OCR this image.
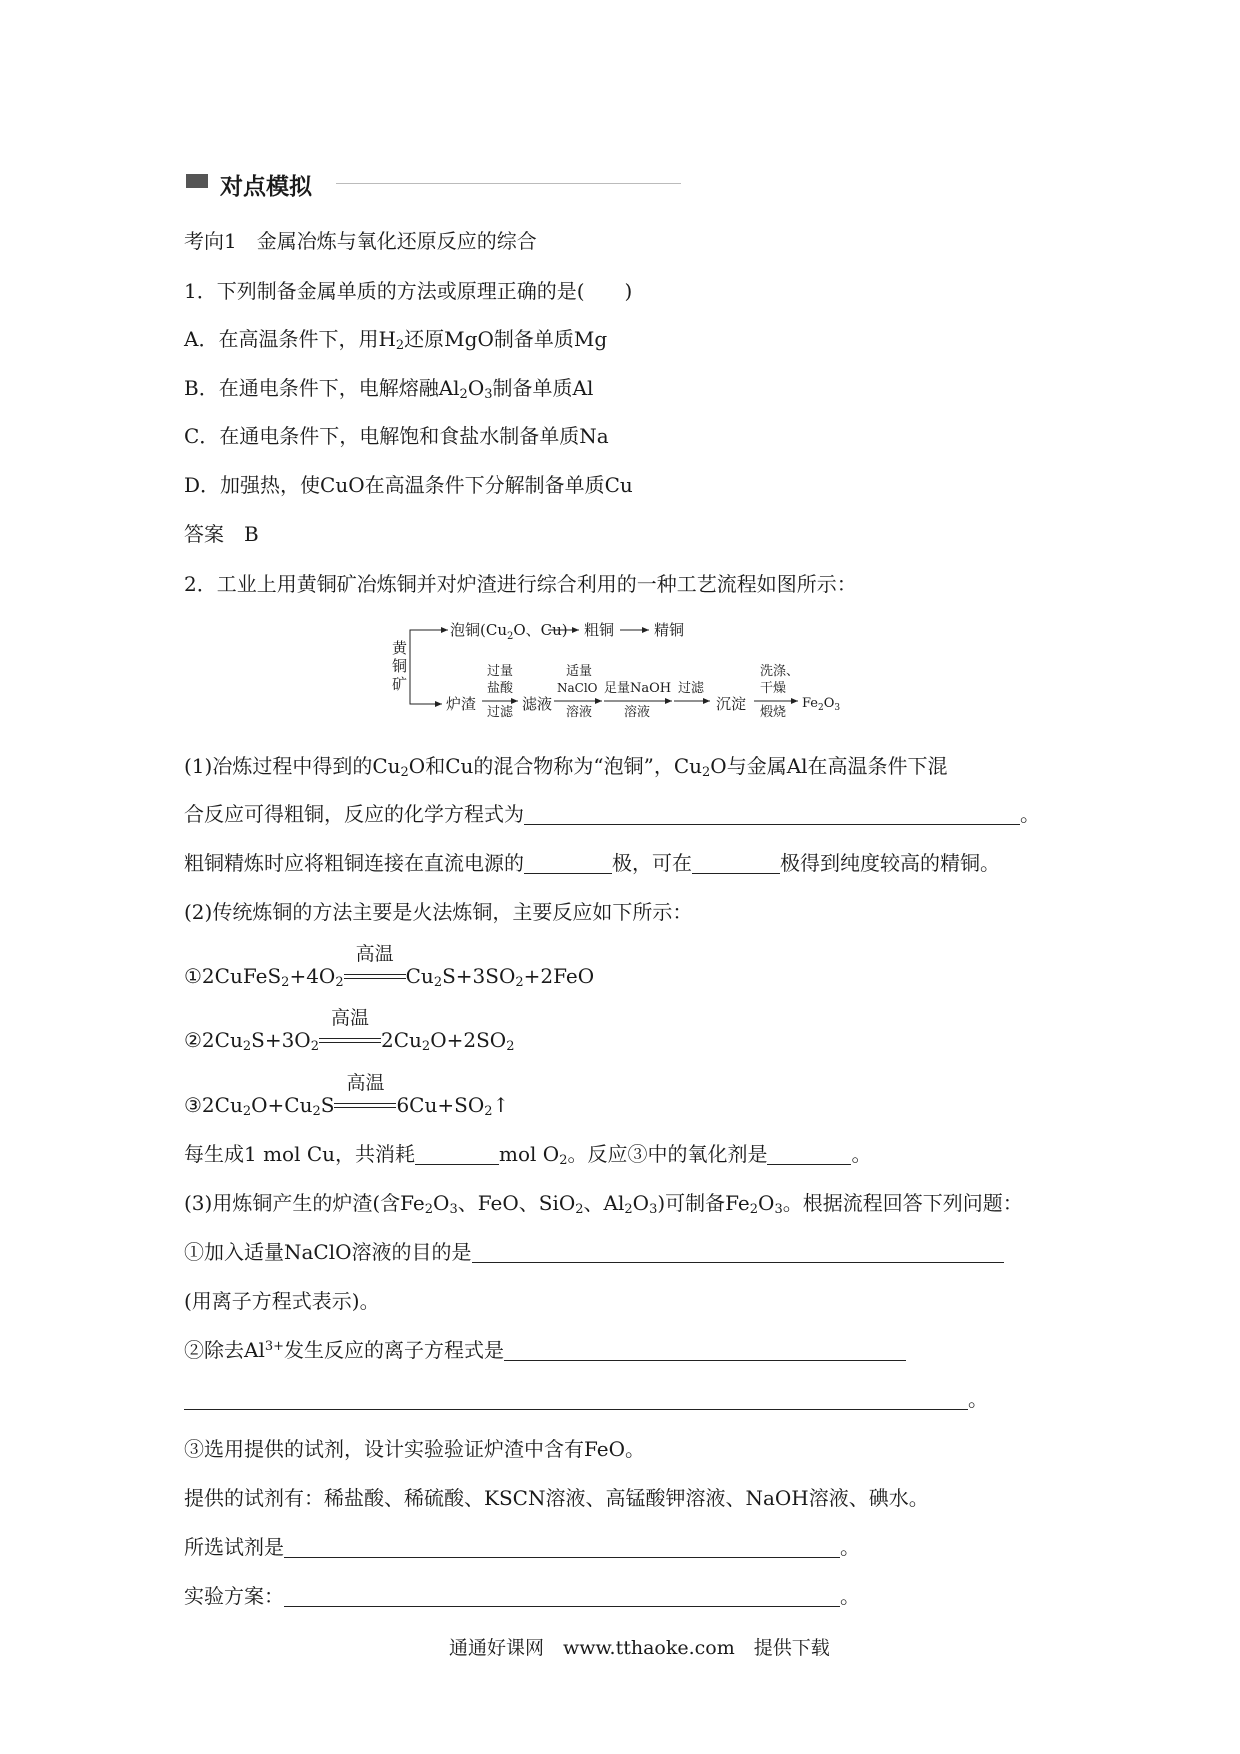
对点模拟
考向1　金属冶炼与氧化还原反应的综合
1．下列制备金属单质的方法或原理正确的是(　　)
A．在高温条件下，用$H_2$还原MgO制备单质Mg
B．在通电条件下，电解熔融$Al_2O_3$制备单质Al
C．在通电条件下，电解饱和食盐水制备单质Na
D．加强热，使CuO在高温条件下分解制备单质Cu
答案　B
2．工业上用黄铜矿冶炼铜并对炉渣进行综合利用的一种工艺流程如图所示：
黄
铜
矿
泡铜($Cu_2O$、Cu) 粗铜	精铜
炉渣
过量
盐酸
过滤 滤液
适量
NaClO
溶液
足量NaOH
溶液
过滤
沉淀
洗涤、
干燥
煅烧
$Fe_2O_3$
(1)冶炼过程中得到的$Cu_2O$和Cu的混合物称为“泡铜”，$Cu_2O$与金属Al在高温条件下混
合反应可得粗铜，反应的化学方程式为	。
粗铜精炼时应将粗铜连接在直流电源的	极，可在	极得到纯度较高的精铜。
(2)传统炼铜的方法主要是火法炼铜，主要反应如下所示：
$①2CuFeS_2+4O_2$
高温
$Cu_2S+3SO_2+2FeO$
$②2Cu_2S+3O_2$
高温
$2Cu_2O+2SO_2$
$③2Cu_2O+Cu_2S$
高温
$6Cu+SO_2↑$
每生成1 mol Cu，共消耗	mol $O_2$。反应③中的氧化剂是	。
(3)用炼铜产生的炉渣(含$Fe_2O_3$、FeO、SiO$_2$、$Al_2O_3$)可制备$Fe_2O_3$。根据流程回答下列问题：
①加入适量NaClO溶液的目的是
(用离子方程式表示)。
②除去$Al^{3+}$发生反应的离子方程式是
。
③选用提供的试剂，设计实验验证炉渣中含有FeO。
提供的试剂有：稀盐酸、稀硫酸、KSCN溶液、高锰酸钾溶液、NaOH溶液、碘水。
所选试剂是	。
实验方案：	。
通通好课网　www.tthaoke.com　提供下载
